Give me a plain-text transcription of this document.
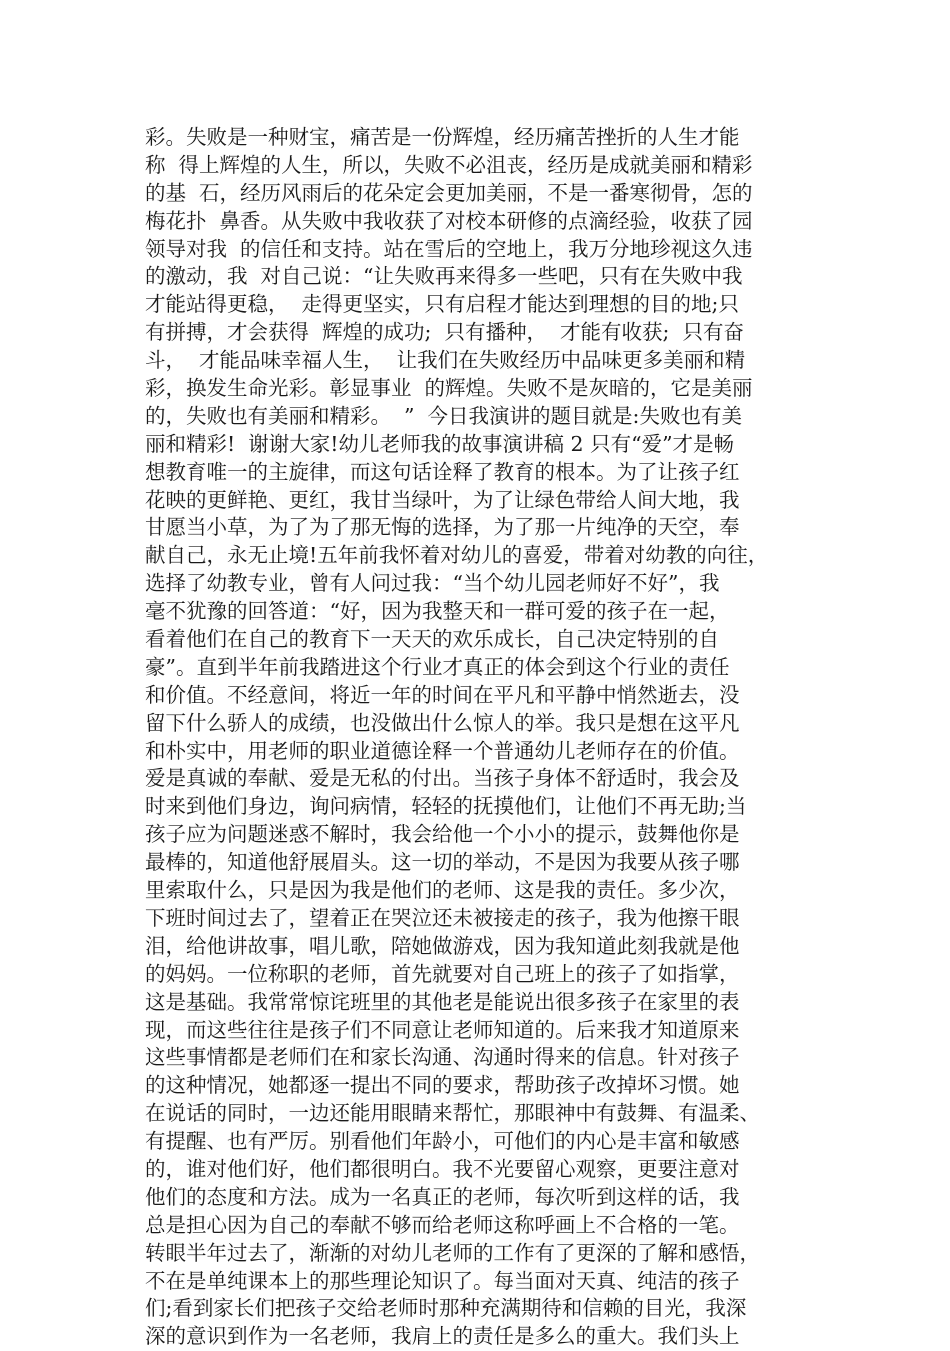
彩。失败是一种财宝，痛苦是一份辉煌，经历痛苦挫折的人生才能
称  得上辉煌的人生，所以，失败不必沮丧，经历是成就美丽和精彩
的基  石，经历风雨后的花朵定会更加美丽，不是一番寒彻骨，怎的
梅花扑  鼻香。从失败中我收获了对校本研修的点滴经验，收获了园
领导对我  的信任和支持。站在雪后的空地上，我万分地珍视这久违
的激动，我  对自己说：“让失败再来得多一些吧，只有在失败中我
才能站得更稳，  走得更坚实，只有启程才能达到理想的目的地;只
有拼搏，才会获得  辉煌的成功;  只有播种，  才能有收获;  只有奋
斗，  才能品味幸福人生，  让我们在失败经历中品味更多美丽和精
彩，换发生命光彩。彰显事业  的辉煌。失败不是灰暗的，它是美丽
的，失败也有美丽和精彩。  ”  今日我演讲的题目就是:失败也有美
丽和精彩!  谢谢大家!幼儿老师我的故事演讲稿 2 只有“爱”才是畅
想教育唯一的主旋律，而这句话诠释了教育的根本。为了让孩子红
花映的更鲜艳、更红，我甘当绿叶，为了让绿色带给人间大地，我
甘愿当小草，为了为了那无悔的选择，为了那一片纯净的天空，奉
献自己，永无止境!五年前我怀着对幼儿的喜爱，带着对幼教的向往，
选择了幼教专业，曾有人问过我：“当个幼儿园老师好不好”，我
毫不犹豫的回答道：“好，因为我整天和一群可爱的孩子在一起，
看着他们在自己的教育下一天天的欢乐成长，自己决定特别的自
豪”。直到半年前我踏进这个行业才真正的体会到这个行业的责任
和价值。不经意间，将近一年的时间在平凡和平静中悄然逝去，没
留下什么骄人的成绩，也没做出什么惊人的举。我只是想在这平凡
和朴实中，用老师的职业道德诠释一个普通幼儿老师存在的价值。
爱是真诚的奉献、爱是无私的付出。当孩子身体不舒适时，我会及
时来到他们身边，询问病情，轻轻的抚摸他们，让他们不再无助;当
孩子应为问题迷惑不解时，我会给他一个小小的提示，鼓舞他你是
最棒的，知道他舒展眉头。这一切的举动，不是因为我要从孩子哪
里索取什么，只是因为我是他们的老师、这是我的责任。多少次，
下班时间过去了，望着正在哭泣还未被接走的孩子，我为他擦干眼
泪，给他讲故事，唱儿歌，陪她做游戏，因为我知道此刻我就是他
的妈妈。一位称职的老师，首先就要对自己班上的孩子了如指掌，
这是基础。我常常惊诧班里的其他老是能说出很多孩子在家里的表
现，而这些往往是孩子们不同意让老师知道的。后来我才知道原来
这些事情都是老师们在和家长沟通、沟通时得来的信息。针对孩子
的这种情况，她都逐一提出不同的要求，帮助孩子改掉坏习惯。她
在说话的同时，一边还能用眼睛来帮忙，那眼神中有鼓舞、有温柔、
有提醒、也有严厉。别看他们年龄小，可他们的内心是丰富和敏感
的，谁对他们好，他们都很明白。我不光要留心观察，更要注意对
他们的态度和方法。成为一名真正的老师，每次听到这样的话，我
总是担心因为自己的奉献不够而给老师这称呼画上不合格的一笔。
转眼半年过去了，渐渐的对幼儿老师的工作有了更深的了解和感悟，
不在是单纯课本上的那些理论知识了。每当面对天真、纯洁的孩子
们;看到家长们把孩子交给老师时那种充满期待和信赖的目光，我深
深的意识到作为一名老师，我肩上的责任是多么的重大。我们头上
